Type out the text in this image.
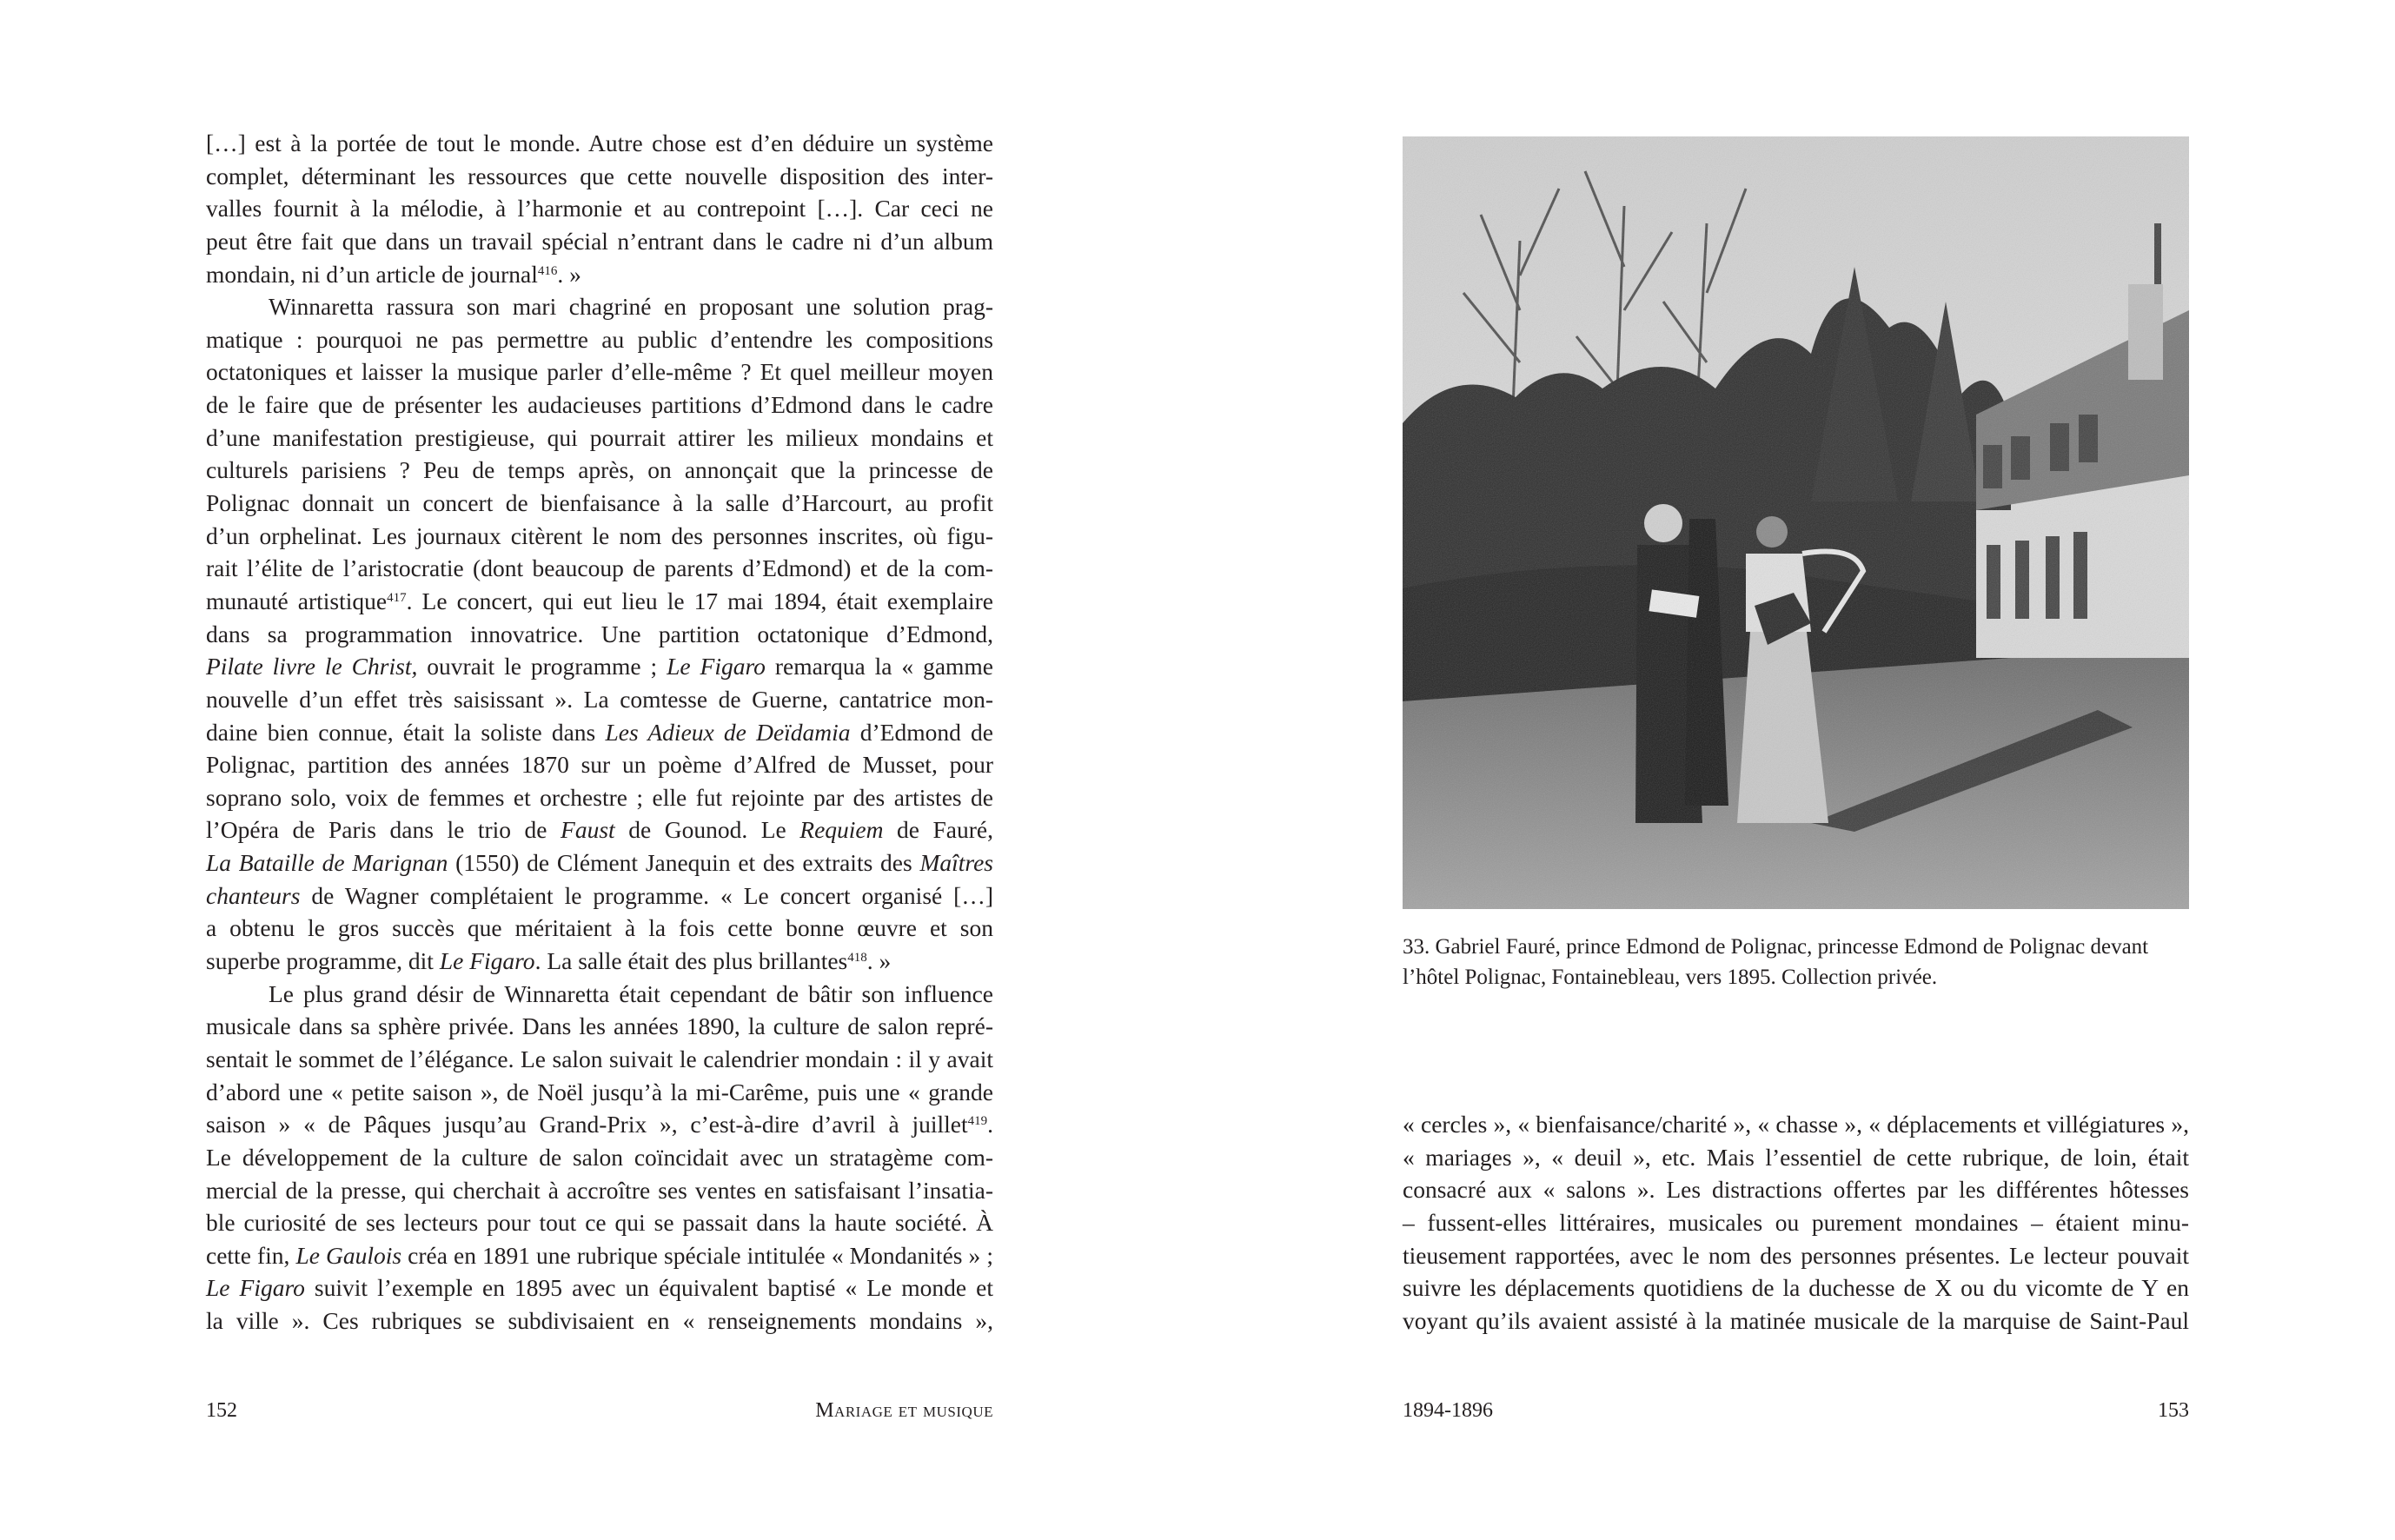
[…] est à la portée de tout le monde. Autre chose est d’en déduire un système
complet, déterminant les ressources que cette nouvelle disposition des inter-
valles fournit à la mélodie, à l’harmonie et au contrepoint […]. Car ceci ne
peut être fait que dans un travail spécial n’entrant dans le cadre ni d’un album
mondain, ni d’un article de journal$^{416}$. »
Winnaretta rassura son mari chagriné en proposant une solution prag-
matique : pourquoi ne pas permettre au public d’entendre les compositions
octatoniques et laisser la musique parler d’elle-même ? Et quel meilleur moyen
de le faire que de présenter les audacieuses partitions d’Edmond dans le cadre
d’une manifestation prestigieuse, qui pourrait attirer les milieux mondains et
culturels parisiens ? Peu de temps après, on annonçait que la princesse de
Polignac donnait un concert de bienfaisance à la salle d’Harcourt, au profit
d’un orphelinat. Les journaux citèrent le nom des personnes inscrites, où figu-
rait l’élite de l’aristocratie (dont beaucoup de parents d’Edmond) et de la com-
munauté artistique$^{417}$. Le concert, qui eut lieu le 17 mai 1894, était exemplaire
dans sa programmation innovatrice. Une partition octatonique d’Edmond,
Pilate livre le Christ, ouvrait le programme ; Le Figaro remarqua la « gamme
nouvelle d’un effet très saisissant ». La comtesse de Guerne, cantatrice mon-
daine bien connue, était la soliste dans Les Adieux de Deïdamia d’Edmond de
Polignac, partition des années 1870 sur un poème d’Alfred de Musset, pour
soprano solo, voix de femmes et orchestre ; elle fut rejointe par des artistes de
l’Opéra de Paris dans le trio de Faust de Gounod. Le Requiem de Fauré,
La Bataille de Marignan (1550) de Clément Janequin et des extraits des Maîtres
chanteurs de Wagner complétaient le programme. « Le concert organisé […]
a obtenu le gros succès que méritaient à la fois cette bonne œuvre et son
superbe programme, dit Le Figaro. La salle était des plus brillantes$^{418}$. »
Le plus grand désir de Winnaretta était cependant de bâtir son influence
musicale dans sa sphère privée. Dans les années 1890, la culture de salon repré-
sentait le sommet de l’élégance. Le salon suivait le calendrier mondain : il y avait
d’abord une « petite saison », de Noël jusqu’à la mi-Carême, puis une « grande
saison » « de Pâques jusqu’au Grand-Prix », c’est-à-dire d’avril à juillet$^{419}$.
Le développement de la culture de salon coïncidait avec un stratagème com-
mercial de la presse, qui cherchait à accroître ses ventes en satisfaisant l’insatia-
ble curiosité de ses lecteurs pour tout ce qui se passait dans la haute société. À
cette fin, Le Gaulois créa en 1891 une rubrique spéciale intitulée « Mondanités » ;
Le Figaro suivit l’exemple en 1895 avec un équivalent baptisé « Le monde et
la ville ». Ces rubriques se subdivisaient en « renseignements mondains »,
152	Mariage et musique
33. Gabriel Fauré, prince Edmond de Polignac, princesse Edmond de Polignac devant
l’hôtel Polignac, Fontainebleau, vers 1895. Collection privée.
« cercles », « bienfaisance/charité », « chasse », « déplacements et villégiatures »,
« mariages », « deuil », etc. Mais l’essentiel de cette rubrique, de loin, était
consacré aux « salons ». Les distractions offertes par les différentes hôtesses
– fussent-elles littéraires, musicales ou purement mondaines – étaient minu-
tieusement rapportées, avec le nom des personnes présentes. Le lecteur pouvait
suivre les déplacements quotidiens de la duchesse de X ou du vicomte de Y en
voyant qu’ils avaient assisté à la matinée musicale de la marquise de Saint-Paul
1894-1896	153
